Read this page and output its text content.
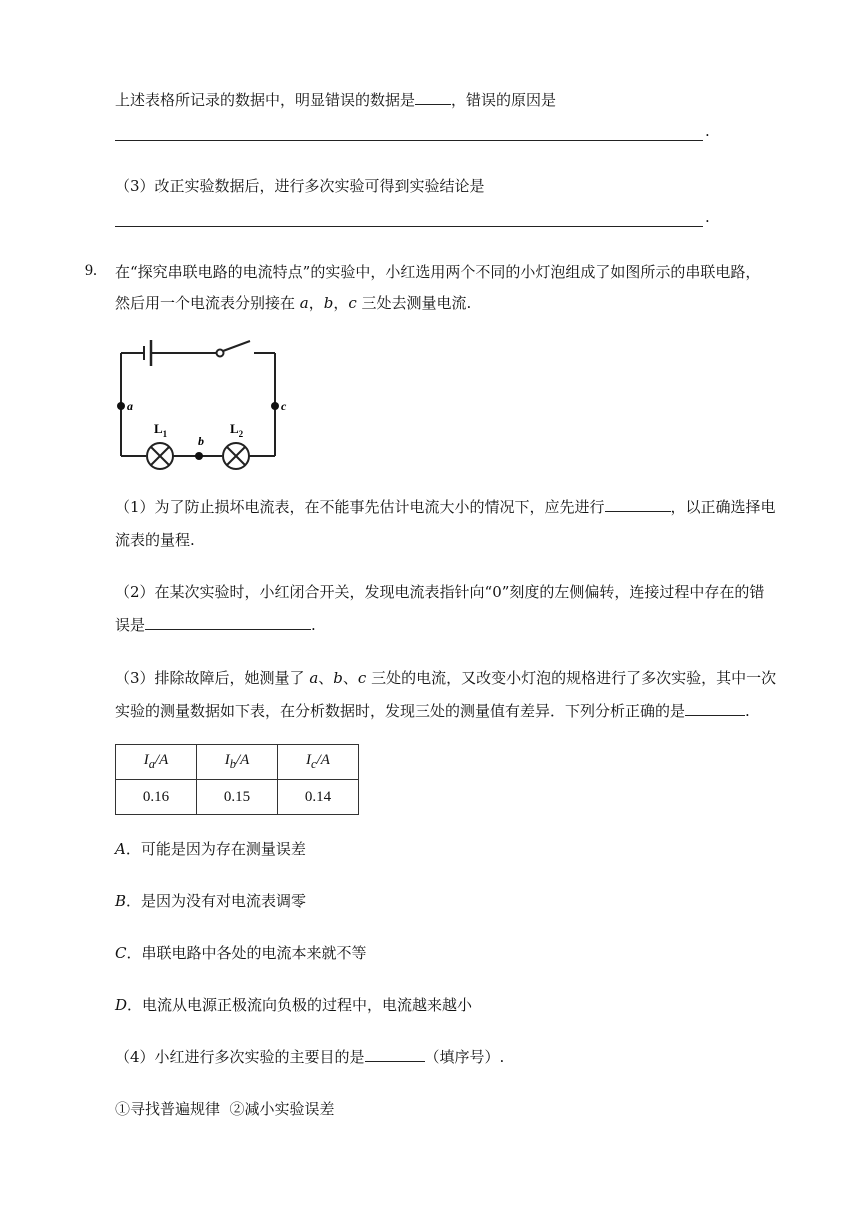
上述表格所记录的数据中，明显错误的数据是 ，错误的原因是
.
（3）改正实验数据后，进行多次实验可得到实验结论是
.
9. 在“探究串联电路的电流特点”的实验中，小红选用两个不同的小灯泡组成了如图所示的串联电路，
然后用一个电流表分别接在 a，b，c 三处去测量电流.
a
b
c
$L_1$	$L_2$
（1）为了防止损坏电流表，在不能事先估计电流大小的情况下，应先进行	，以正确选择电
流表的量程.
（2）在某次实验时，小红闭合开关，发现电流表指针向“0”刻度的左侧偏转，连接过程中存在的错
误是	.
（3）排除故障后，她测量了 a、b、c 三处的电流，又改变小灯泡的规格进行了多次实验，其中一次
实验的测量数据如下表，在分析数据时，发现三处的测量值有差异．下列分析正确的是	.
$I_a/A$	$I_b/A$	$I_c/A$
0.16	0.15	0.14
A．可能是因为存在测量误差
B．是因为没有对电流表调零
C．串联电路中各处的电流本来就不等
D．电流从电源正极流向负极的过程中，电流越来越小
（4）小红进行多次实验的主要目的是	（填序号）.
①寻找普遍规律  ②减小实验误差
